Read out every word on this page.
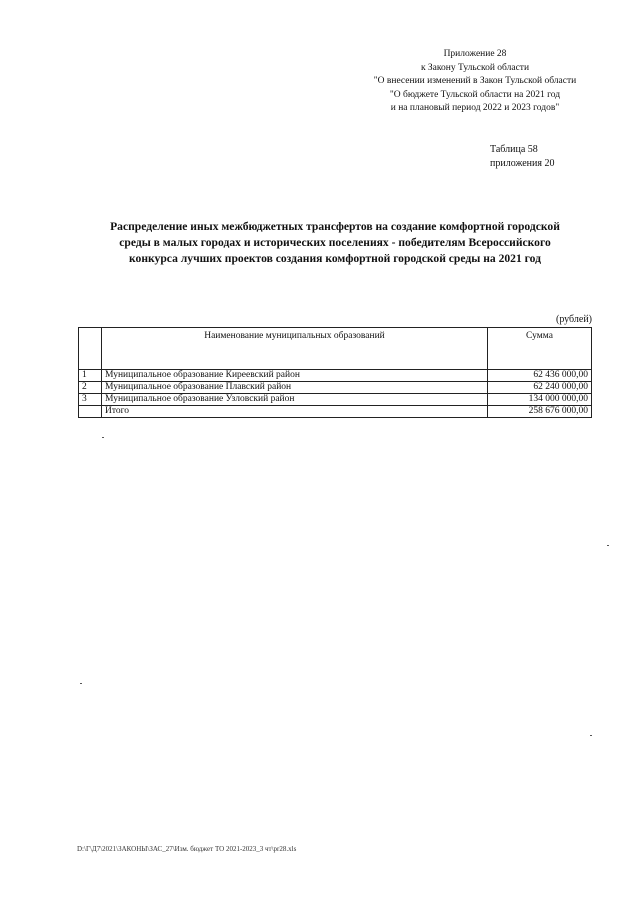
Приложение 28
к Закону Тульской области
"О внесении изменений в Закон Тульской области
"О бюджете Тульской области на 2021 год
и на плановый период 2022 и 2023 годов"
Таблица 58
приложения 20
Распределение иных межбюджетных трансфертов на создание комфортной городской
среды в малых городах и исторических поселениях - победителям Всероссийского
конкурса лучших проектов создания комфортной городской среды на 2021 год
(рублей)
	Наименование муниципальных образований	Сумма
1	Муниципальное образование Киреевский район	62 436 000,00
2	Муниципальное образование Плавский район	62 240 000,00
3	Муниципальное образование Узловский район	134 000 000,00
	Итого	258 676 000,00
D:\Г\Д7\2021\ЗАКОНЫ\ЗАС_27\Изм. бюджет ТО 2021-2023_3 чт\pr28.xls
